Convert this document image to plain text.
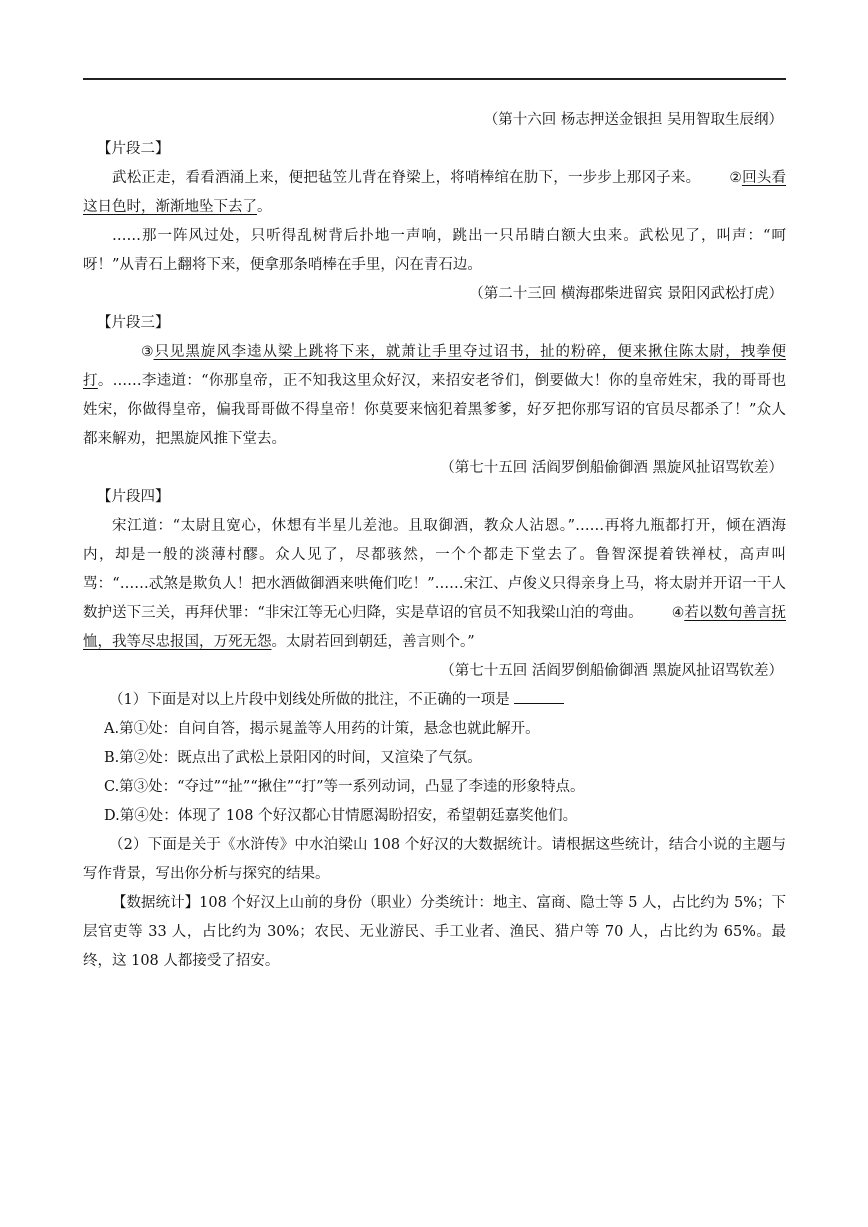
（第十六回 杨志押送金银担 吴用智取生辰纲）

【片段二】

武松正走，看看酒涌上来，便把毡笠儿背在脊梁上，将哨棒绾在肋下，一步步上那冈子来。 ②回头看这日色时，渐渐地坠下去了。

……那一阵风过处，只听得乱树背后扑地一声响，跳出一只吊睛白额大虫来。武松见了，叫声：“呵呀！”从青石上翻将下来，便拿那条哨棒在手里，闪在青石边。

（第二十三回 横海郡柴进留宾 景阳冈武松打虎）

【片段三】

③只见黑旋风李逵从梁上跳将下来，就萧让手里夺过诏书，扯的粉碎，便来揪住陈太尉，拽拳便打。……李逵道：“你那皇帝，正不知我这里众好汉，来招安老爷们，倒要做大！你的皇帝姓宋，我的哥哥也姓宋，你做得皇帝，偏我哥哥做不得皇帝！你莫要来恼犯着黑爹爹，好歹把你那写诏的官员尽都杀了！”众人都来解劝，把黑旋风推下堂去。

（第七十五回 活阎罗倒船偷御酒 黑旋风扯诏骂钦差）

【片段四】

宋江道：“太尉且宽心，休想有半星儿差池。且取御酒，教众人沾恩。”……再将九瓶都打开，倾在酒海内，却是一般的淡薄村醪。众人见了，尽都骇然，一个个都走下堂去了。鲁智深提着铁禅杖，高声叫骂：“……忒煞是欺负人！把水酒做御酒来哄俺们吃！”……宋江、卢俊义只得亲身上马，将太尉并开诏一干人数护送下三关，再拜伏罪：“非宋江等无心归降，实是草诏的官员不知我梁山泊的弯曲。 ④若以数句善言抚恤，我等尽忠报国，万死无怨。太尉若回到朝廷，善言则个。”

（第七十五回 活阎罗倒船偷御酒 黑旋风扯诏骂钦差）

（1）下面是对以上片段中划线处所做的批注，不正确的一项是

A.第①处：自问自答，揭示晁盖等人用药的计策，悬念也就此解开。

B.第②处：既点出了武松上景阳冈的时间，又渲染了气氛。

C.第③处：“夺过”“扯”“揪住”“打”等一系列动词，凸显了李逵的形象特点。

D.第④处：体现了 108 个好汉都心甘情愿渴盼招安，希望朝廷嘉奖他们。

（2）下面是关于《水浒传》中水泊梁山 108 个好汉的大数据统计。请根据这些统计，结合小说的主题与写作背景，写出你分析与探究的结果。

【数据统计】108 个好汉上山前的身份（职业）分类统计：地主、富商、隐士等 5 人，占比约为 5%；下层官吏等 33 人，占比约为 30%；农民、无业游民、手工业者、渔民、猎户等 70 人，占比约为 65%。最终，这 108 人都接受了招安。
